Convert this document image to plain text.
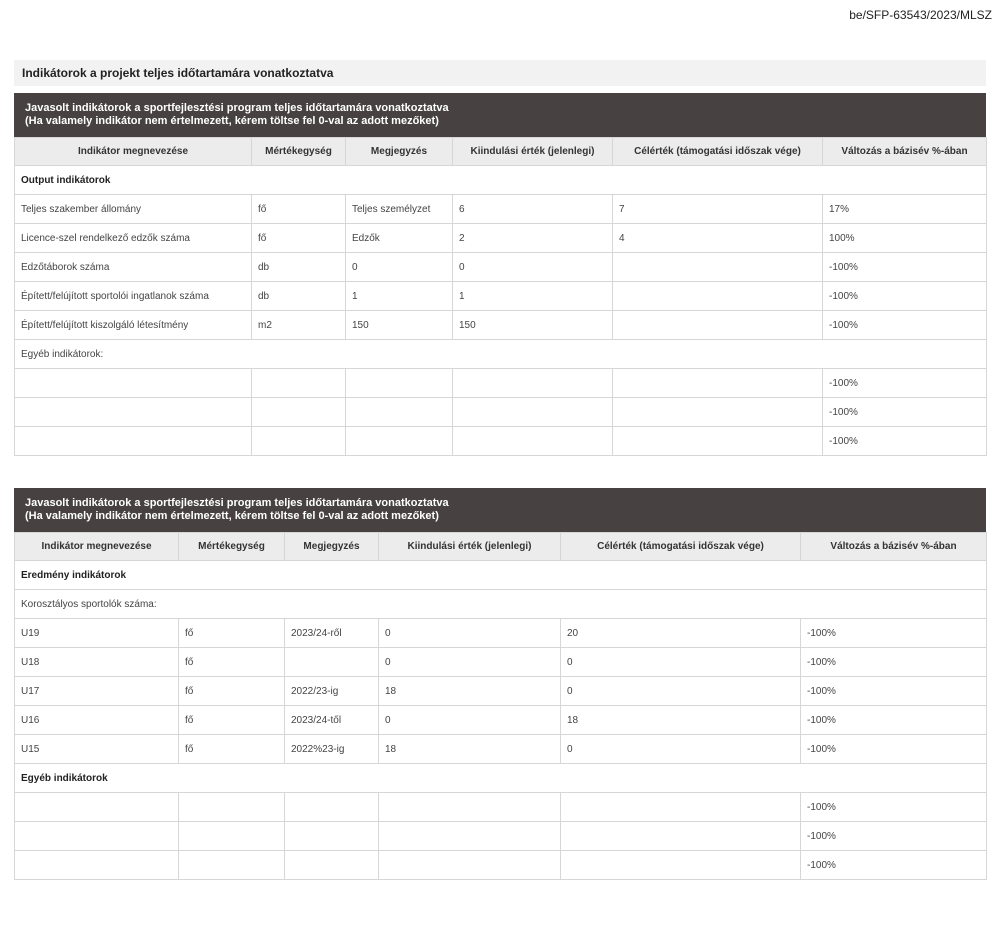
be/SFP-63543/2023/MLSZ
Indikátorok a projekt teljes időtartamára vonatkoztatva
Javasolt indikátorok a sportfejlesztési program teljes időtartamára vonatkoztatva
(Ha valamely indikátor nem értelmezett, kérem töltse fel 0-val az adott mezőket)
Indikátor megnevezése	Mértékegység	Megjegyzés	Kiindulási érték (jelenlegi)	Célérték (támogatási időszak vége)	Változás a bázisév %-ában
Output indikátorok					
Teljes szakember állomány	fő	Teljes személyzet	6	7	17%
Licence-szel rendelkező edzők száma	fő	Edzők	2	4	100%
Edzőtáborok száma	db	0	0		-100%
Épített/felújított sportolói ingatlanok száma	db	1	1		-100%
Épített/felújított kiszolgáló létesítmény	m2	150	150		-100%
Egyéb indikátorok:					
					-100%
					-100%
					-100%
Javasolt indikátorok a sportfejlesztési program teljes időtartamára vonatkoztatva
(Ha valamely indikátor nem értelmezett, kérem töltse fel 0-val az adott mezőket)
Indikátor megnevezése	Mértékegység	Megjegyzés	Kiindulási érték (jelenlegi)	Célérték (támogatási időszak vége)	Változás a bázisév %-ában
Eredmény indikátorok					
Korosztályos sportolók száma:					
U19	fő	2023/24-ről	0	20	-100%
U18	fő		0	0	-100%
U17	fő	2022/23-ig	18	0	-100%
U16	fő	2023/24-től	0	18	-100%
U15	fő	2022%23-ig	18	0	-100%
Egyéb indikátorok					
					-100%
					-100%
					-100%
